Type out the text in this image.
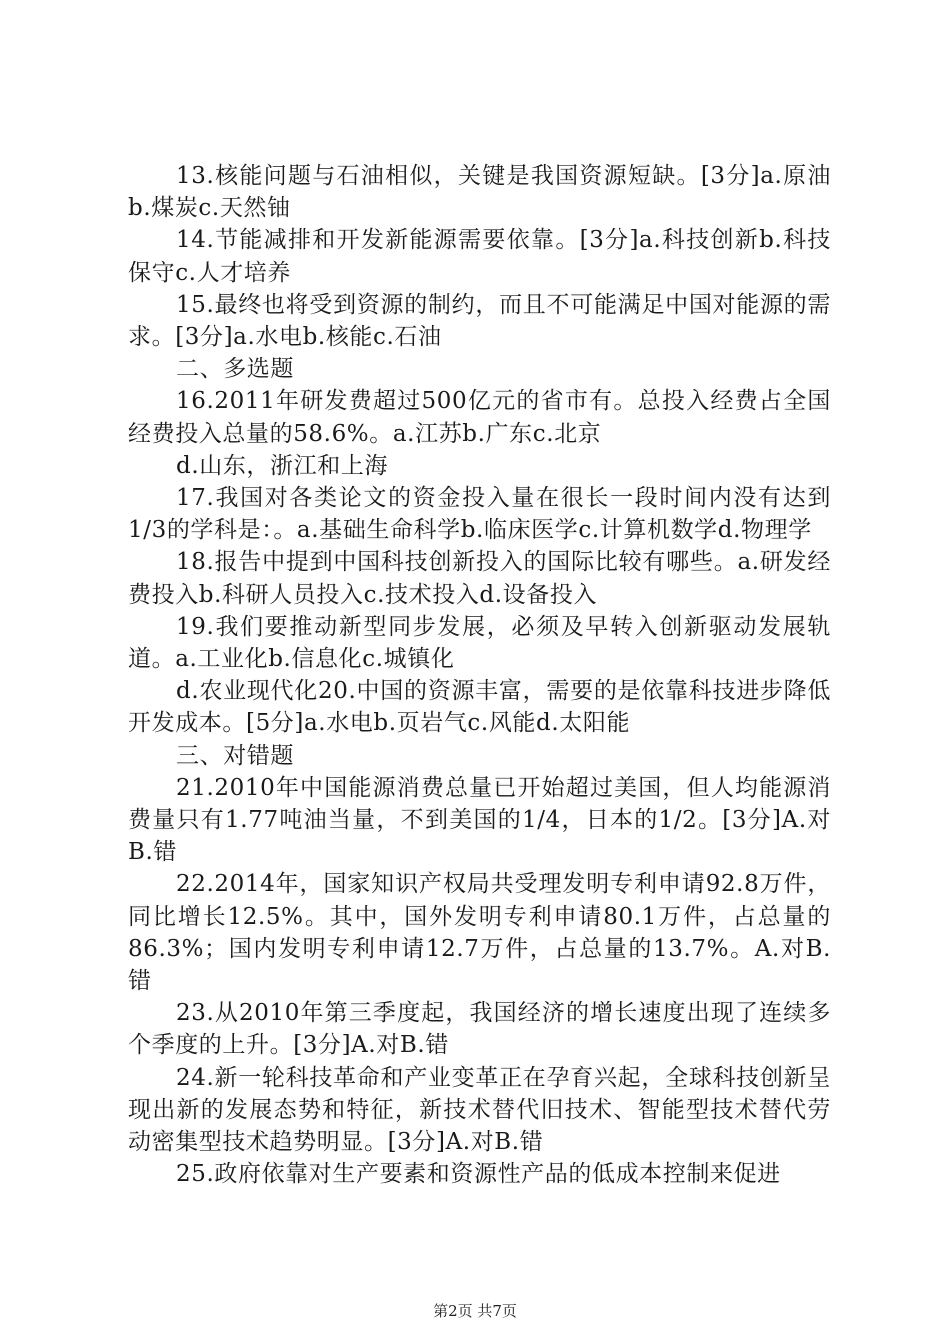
13.核能问题与石油相似，关键是我国资源短缺。[3分]a.原油b.煤炭c.天然铀

14.节能减排和开发新能源需要依靠。[3分]a.科技创新b.科技保守c.人才培养

15.最终也将受到资源的制约，而且不可能满足中国对能源的需求。[3分]a.水电b.核能c.石油

二、多选题

16.2011年研发费超过500亿元的省市有。总投入经费占全国经费投入总量的58.6%。a.江苏b.广东c.北京

d.山东，浙江和上海

17.我国对各类论文的资金投入量在很长一段时间内没有达到1/3的学科是：。a.基础生命科学b.临床医学c.计算机数学d.物理学

18.报告中提到中国科技创新投入的国际比较有哪些。a.研发经费投入b.科研人员投入c.技术投入d.设备投入

19.我们要推动新型同步发展，必须及早转入创新驱动发展轨道。a.工业化b.信息化c.城镇化

d.农业现代化20.中国的资源丰富，需要的是依靠科技进步降低开发成本。[5分]a.水电b.页岩气c.风能d.太阳能

三、对错题

21.2010年中国能源消费总量已开始超过美国，但人均能源消费量只有1.77吨油当量，不到美国的1/4，日本的1/2。[3分]A.对B.错

22.2014年，国家知识产权局共受理发明专利申请92.8万件，同比增长12.5%。其中，国外发明专利申请80.1万件，占总量的86.3%；国内发明专利申请12.7万件，占总量的13.7%。A.对B.错

23.从2010年第三季度起，我国经济的增长速度出现了连续多个季度的上升。[3分]A.对B.错

24.新一轮科技革命和产业变革正在孕育兴起，全球科技创新呈现出新的发展态势和特征，新技术替代旧技术、智能型技术替代劳动密集型技术趋势明显。[3分]A.对B.错

25.政府依靠对生产要素和资源性产品的低成本控制来促进

第2页 共7页
